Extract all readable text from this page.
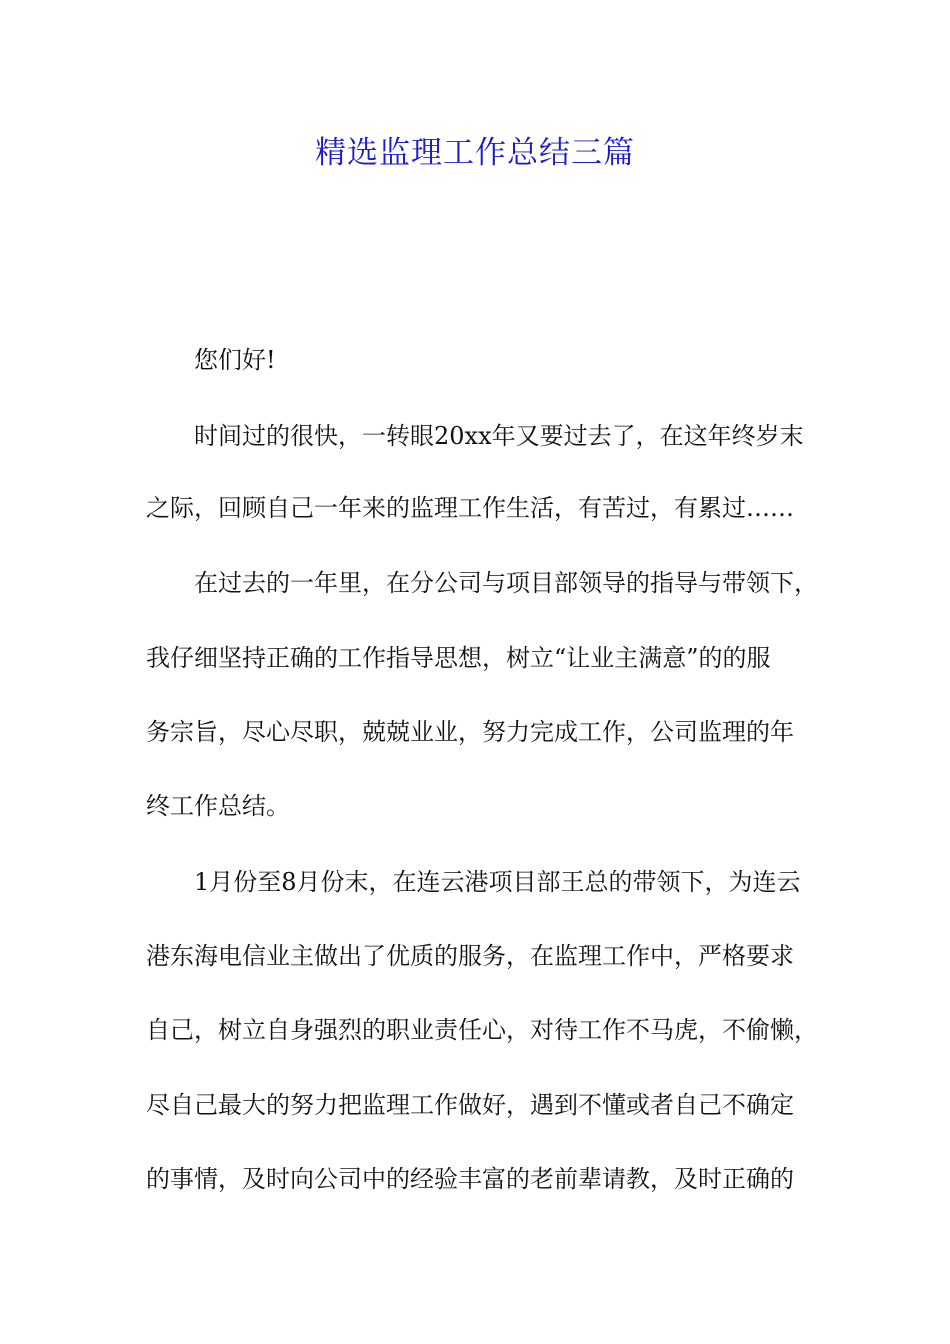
精选监理工作总结三篇

您们好!

时间过的很快，一转眼20xx年又要过去了，在这年终岁末

之际，回顾自己一年来的监理工作生活，有苦过，有累过……

在过去的一年里，在分公司与项目部领导的指导与带领下，

我仔细坚持正确的工作指导思想，树立“让业主满意”的的服

务宗旨，尽心尽职，兢兢业业，努力完成工作，公司监理的年

终工作总结。

1月份至8月份末，在连云港项目部王总的带领下，为连云

港东海电信业主做出了优质的服务，在监理工作中，严格要求

自己，树立自身强烈的职业责任心，对待工作不马虎，不偷懒，

尽自己最大的努力把监理工作做好，遇到不懂或者自己不确定

的事情，及时向公司中的经验丰富的老前辈请教，及时正确的
